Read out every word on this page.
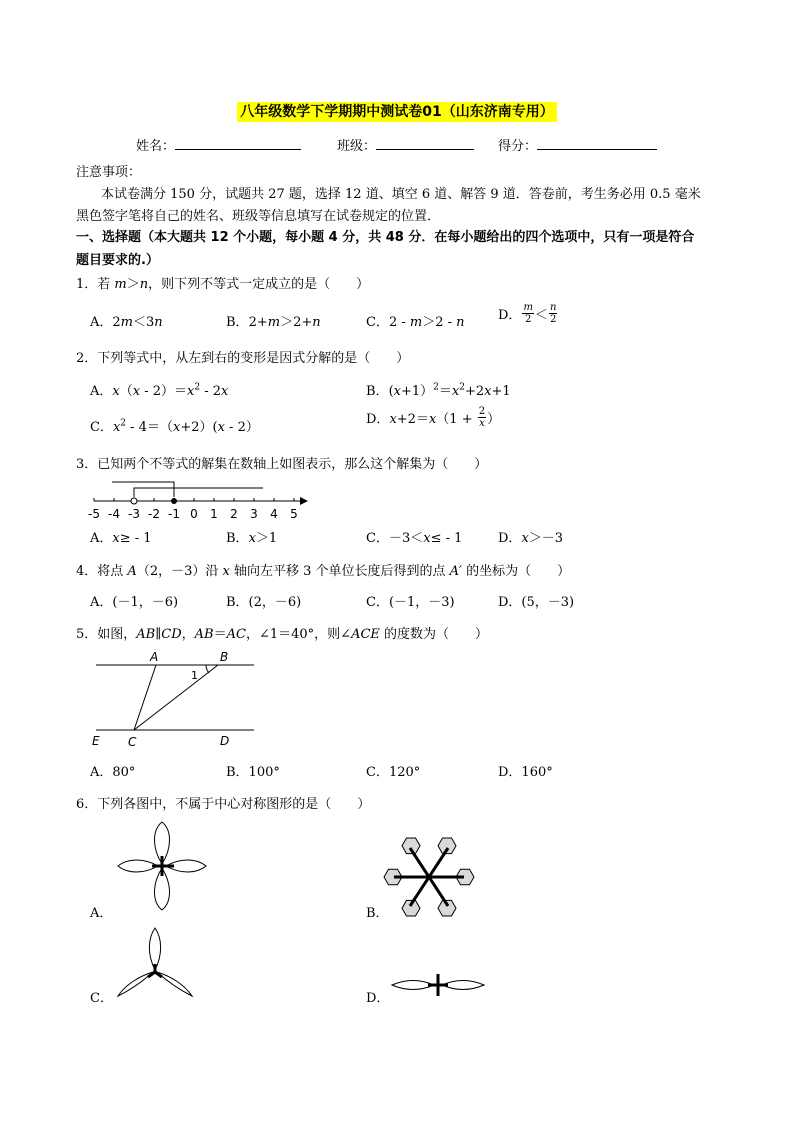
八年级数学下学期期中测试卷01（山东济南专用）
姓名：	班级：	得分：
注意事项：
本试卷满分 150 分，试题共 27 题，选择 12 道、填空 6 道、解答 9 道．答卷前，考生务必用 0.5 毫米
黑色签字笔将自己的姓名、班级等信息填写在试卷规定的位置．
一、选择题（本大题共 12 个小题，每小题 4 分，共 48 分．在每小题给出的四个选项中，只有一项是符合
题目要求的.）
1．若 m＞n，则下列不等式一定成立的是（　　）
A．2m＜3n	B．2+m＞2+n	C．2 - m＞2 - n	D． $\frac{m}{2} < \frac{n}{2}$
2．下列等式中，从左到右的变形是因式分解的是（　　）
A．$x(x - 2)=x^2 - 2x$	B．$(x+1)^2=x^2+2x+1$
C．$x^2 - 4=(x+2)(x - 2)$
D．$x+2=x(1 + \frac{2}{x}$ ）
3．已知两个不等式的解集在数轴上如图表示，那么这个解集为（　　）
-5 -4 -3 -2 -1 0 1 2 3 4 5
A．x≥ - 1	B．x＞1	C．－3＜x≤ - 1	D．x＞－3
4．将点 A（2，－3）沿 x 轴向左平移 3 个单位长度后得到的点 A′ 的坐标为（　　）
A．(－1，－6)	B．(2，－6)	C．(－1，－3)	D．(5，－3)
5．如图，AB∥CD，AB＝AC，∠1＝40°，则∠ACE 的度数为（　　）
A	B
1
E C	D
A．80°	B．100°	C．120°	D．160°
6．下列各图中，不属于中心对称图形的是（　　）
A．	B．
C．	D．
